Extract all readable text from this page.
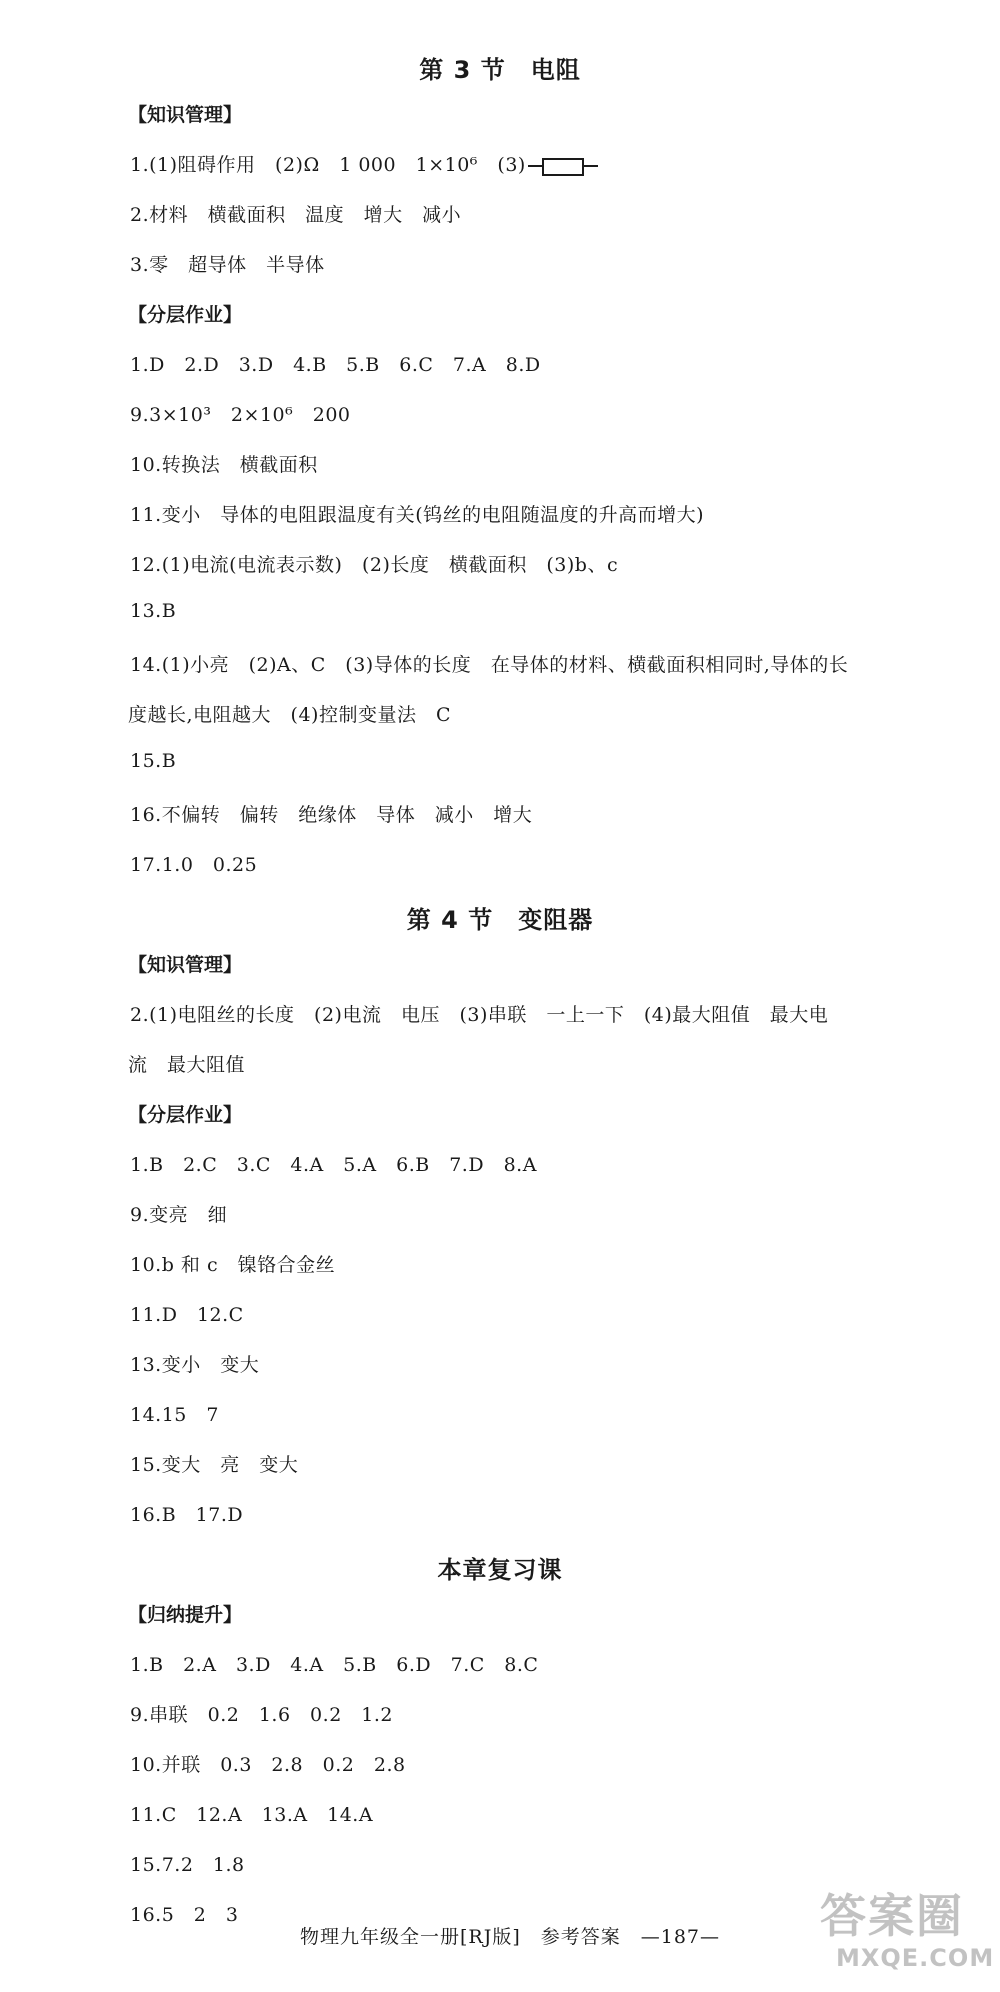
第 3 节　电阻
【知识管理】
1.(1)阻碍作用　(2)Ω　1 000　1×10⁶　(3)
2.材料　横截面积　温度　增大　减小
3.零　超导体　半导体
【分层作业】
1.D　2.D　3.D　4.B　5.B　6.C　7.A　8.D
9.3×10³　2×10⁶　200
10.转换法　横截面积
11.变小　导体的电阻跟温度有关(钨丝的电阻随温度的升高而增大)
12.(1)电流(电流表示数)　(2)长度　横截面积　(3)b、c
13.B
14.(1)小亮　(2)A、C　(3)导体的长度　在导体的材料、横截面积相同时,导体的长
度越长,电阻越大　(4)控制变量法　C
15.B
16.不偏转　偏转　绝缘体　导体　减小　增大
17.1.0　0.25
第 4 节　变阻器
【知识管理】
2.(1)电阻丝的长度　(2)电流　电压　(3)串联　一上一下　(4)最大阻值　最大电
流　最大阻值
【分层作业】
1.B　2.C　3.C　4.A　5.A　6.B　7.D　8.A
9.变亮　细
10.b 和 c　镍铬合金丝
11.D　12.C
13.变小　变大
14.15　7
15.变大　亮　变大
16.B　17.D
本章复习课
【归纳提升】
1.B　2.A　3.D　4.A　5.B　6.D　7.C　8.C
9.串联　0.2　1.6　0.2　1.2
10.并联　0.3　2.8　0.2　2.8
11.C　12.A　13.A　14.A
15.7.2　1.8
16.5　2　3
物理九年级全一册[RJ版]　参考答案　—187— 答案圈
MXQE.COM
